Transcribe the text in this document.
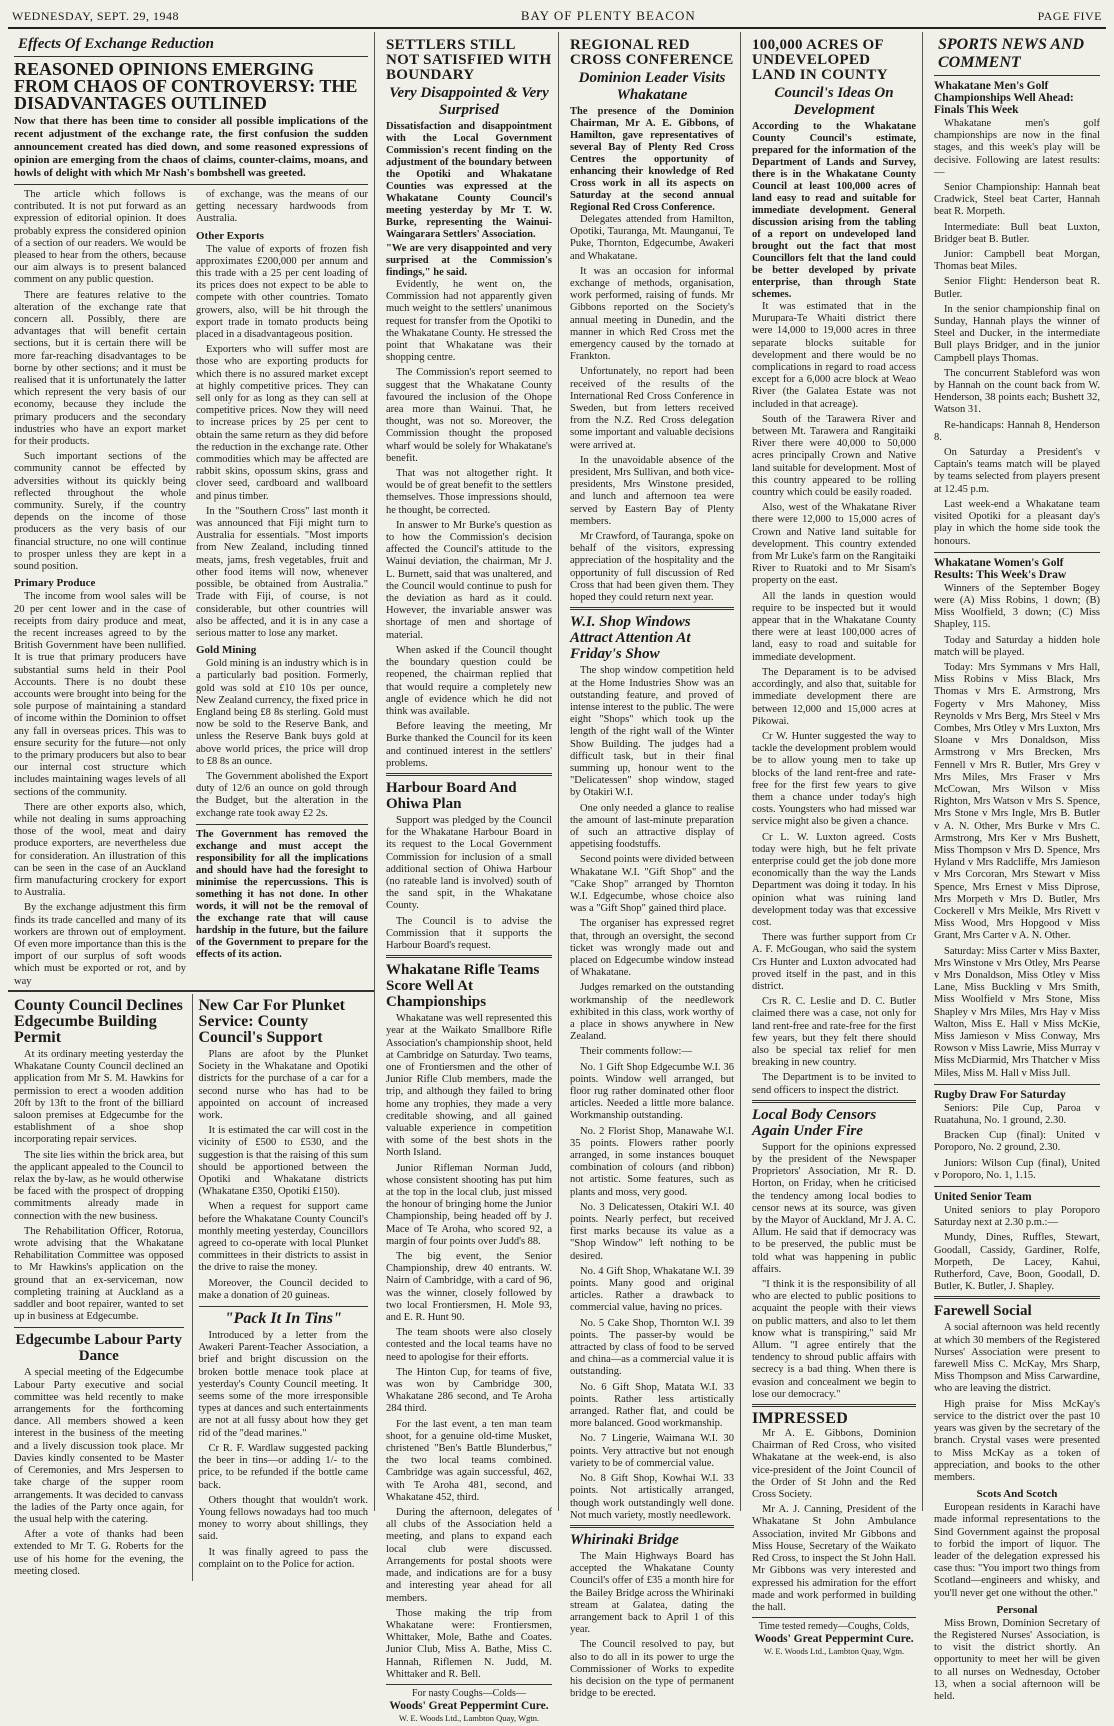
WEDNESDAY, SEPT. 29, 1948	BAY OF PLENTY BEACON	PAGE FIVE
Effects Of Exchange Reduction
REASONED OPINIONS EMERGING FROM CHAOS OF CONTROVERSY: THE DISADVANTAGES OUTLINED
Now that there has been time to consider all possible implications of the recent adjustment of the exchange rate, the first confusion the sudden announcement created has died down, and some reasoned expressions of opinion are emerging from the chaos of claims, counter-claims, moans, and howls of delight with which Mr Nash's bombshell was greeted.

The article which follows is contributed. It is not put forward as an expression of editorial opinion. It does probably express the considered opinion of a section of our readers. We would be pleased to hear from the others, because our aim always is to present balanced comment on any public question.

There are features relative to the alteration of the exchange rate that concern all. Possibly, there are advantages that will benefit certain sections, but it is certain there will be more far-reaching disadvantages to be borne by other sections; and it must be realised that it is unfortunately the latter which represent the very basis of our economy, because they include the primary producers and the secondary industries who have an export market for their products.

Such important sections of the community cannot be effected by adversities without its quickly being reflected throughout the whole community. Surely, if the country depends on the income of those producers as the very basis of our financial structure, no one will continue to prosper unless they are kept in a sound position.

Primary Produce

The income from wool sales will be 20 per cent lower and in the case of receipts from dairy produce and meat, the recent increases agreed to by the British Government have been nullified. It is true that primary producers have substantial sums held in their Pool Accounts. There is no doubt these accounts were brought into being for the sole purpose of maintaining a standard of income within the Dominion to offset any fall in overseas prices. This was to ensure security for the future—not only to the primary producers but also to bear our internal cost structure which includes maintaining wages levels of all sections of the community.

There are other exports also, which, while not dealing in sums approaching those of the wool, meat and dairy produce exporters, are nevertheless due for consideration. An illustration of this can be seen in the case of an Auckland firm manufacturing crockery for export to Australia.

By the exchange adjustment this firm finds its trade cancelled and many of its workers are thrown out of employment. Of even more importance than this is the import of our surplus of soft woods which must be exported or rot, and by way

of exchange, was the means of our getting necessary hardwoods from Australia.

Other Exports

The value of exports of frozen fish approximates £200,000 per annum and this trade with a 25 per cent loading of its prices does not expect to be able to compete with other countries. Tomato growers, also, will be hit through the export trade in tomato products being placed in a disadvantageous position.

Exporters who will suffer most are those who are exporting products for which there is no assured market except at highly competitive prices. They can sell only for as long as they can sell at competitive prices. Now they will need to increase prices by 25 per cent to obtain the same return as they did before the reduction in the exchange rate. Other commodities which may be affected are rabbit skins, opossum skins, grass and clover seed, cardboard and wallboard and pinus timber.

In the "Southern Cross" last month it was announced that Fiji might turn to Australia for essentials. "Most imports from New Zealand, including tinned meats, jams, fresh vegetables, fruit and other food items will now, whenever possible, be obtained from Australia." Trade with Fiji, of course, is not considerable, but other countries will also be affected, and it is in any case a serious matter to lose any market.

Gold Mining

Gold mining is an industry which is in a particularly bad position. Formerly, gold was sold at £10 10s per ounce, New Zealand currency, the fixed price in England being £8 8s sterling. Gold must now be sold to the Reserve Bank, and unless the Reserve Bank buys gold at above world prices, the price will drop to £8 8s an ounce.

The Government abolished the Export duty of 12/6 an ounce on gold through the Budget, but the alteration in the exchange rate took away £2 2s.

The Government has removed the exchange and must accept the responsibility for all the implications and should have had the foresight to minimise the repercussions. This is something it has not done. In other words, it will not be the removal of the exchange rate that will cause hardship in the future, but the failure of the Government to prepare for the effects of its action.
County Council Declines Edgecumbe Building Permit

At its ordinary meeting yesterday the Whakatane County Council declined an application from Mr S. M. Hawkins for permission to erect a wooden addition 20ft by 13ft to the front of the billiard saloon premises at Edgecumbe for the establishment of a shoe shop incorporating repair services.

The site lies within the brick area, but the applicant appealed to the Council to relax the by-law, as he would otherwise be faced with the prospect of dropping commitments already made in connection with the new business.

The Rehabilitation Officer, Rotorua, wrote advising that the Whakatane Rehabilitation Committee was opposed to Mr Hawkins's application on the ground that an ex-serviceman, now completing training at Auckland as a saddler and boot repairer, wanted to set up in business at Edgecumbe.

Edgecumbe Labour Party Dance

A special meeting of the Edgecumbe Labour Party executive and social committee was held recently to make arrangements for the forthcoming dance. All members showed a keen interest in the business of the meeting and a lively discussion took place. Mr Davies kindly consented to be Master of Ceremonies, and Mrs Jespersen to take charge of the supper room arrangements. It was decided to canvass the ladies of the Party once again, for the usual help with the catering.

After a vote of thanks had been extended to Mr T. G. Roberts for the use of his home for the evening, the meeting closed.

New Car For Plunket Service: County Council's Support

Plans are afoot by the Plunket Society in the Whakatane and Opotiki districts for the purchase of a car for a second nurse who has had to be appointed on account of increased work.

It is estimated the car will cost in the vicinity of £500 to £530, and the suggestion is that the raising of this sum should be apportioned between the Opotiki and Whakatane districts (Whakatane £350, Opotiki £150).

When a request for support came before the Whakatane County Council's monthly meeting yesterday, Councillors agreed to co-operate with local Plunket committees in their districts to assist in the drive to raise the money.

Moreover, the Council decided to make a donation of 20 guineas.

"Pack It In Tins"

Introduced by a letter from the Awakeri Parent-Teacher Association, a brief and bright discussion on the broken bottle menace took place at yesterday's County Council meeting. It seems some of the more irresponsible types at dances and such entertainments are not at all fussy about how they get rid of the "dead marines."

Cr R. F. Wardlaw suggested packing the beer in tins—or adding 1/- to the price, to be refunded if the bottle came back.

Others thought that wouldn't work. Young fellows nowadays had too much money to worry about shillings, they said.

It was finally agreed to pass the complaint on to the Police for action.

SETTLERS STILL NOT SATISFIED WITH BOUNDARY
Very Disappointed & Very Surprised
Dissatisfaction and disappointment with the Local Government Commission's recent finding on the adjustment of the boundary between the Opotiki and Whakatane Counties was expressed at the Whakatane County Council's meeting yesterday by Mr T. W. Burke, representing the Wainui-Waingarara Settlers' Association.
"We are very disappointed and very surprised at the Commission's findings," he said.

Evidently, he went on, the Commission had not apparently given much weight to the settlers' unanimous request for transfer from the Opotiki to the Whakatane County. He stressed the point that Whakatane was their shopping centre.

The Commission's report seemed to suggest that the Whakatane County favoured the inclusion of the Ohope area more than Wainui. That, he thought, was not so. Moreover, the Commission thought the proposed wharf would be solely for Whakatane's benefit.

That was not altogether right. It would be of great benefit to the settlers themselves. Those impressions should, he thought, be corrected.

In answer to Mr Burke's question as to how the Commission's decision affected the Council's attitude to the Wainui deviation, the chairman, Mr J. L. Burnett, said that was unaltered, and the Council would continue to push for the deviation as hard as it could. However, the invariable answer was shortage of men and shortage of material.

When asked if the Council thought the boundary question could be reopened, the chairman replied that that would require a completely new angle of evidence which he did not think was available.

Before leaving the meeting, Mr Burke thanked the Council for its keen and continued interest in the settlers' problems.

Harbour Board And Ohiwa Plan

Support was pledged by the Council for the Whakatane Harbour Board in its request to the Local Government Commission for inclusion of a small additional section of Ohiwa Harbour (no rateable land is involved) south of the sand spit, in the Whakatane County.

The Council is to advise the Commission that it supports the Harbour Board's request.

Whakatane Rifle Teams Score Well At Championships

Whakatane was well represented this year at the Waikato Smallbore Rifle Association's championship shoot, held at Cambridge on Saturday. Two teams, one of Frontiersmen and the other of Junior Rifle Club members, made the trip, and although they failed to bring home any trophies, they made a very creditable showing, and all gained valuable experience in competition with some of the best shots in the North Island.

Junior Rifleman Norman Judd, whose consistent shooting has put him at the top in the local club, just missed the honour of bringing home the Junior Championship, being headed off by J. Mace of Te Aroha, who scored 92, a margin of four points over Judd's 88.

The big event, the Senior Championship, drew 40 entrants. W. Nairn of Cambridge, with a card of 96, was the winner, closely followed by two local Frontiersmen, H. Mole 93, and E. R. Hunt 90.

The team shoots were also closely contested and the local teams have no need to apologise for their efforts.

The Hinton Cup, for teams of five, was won by Cambridge 300, Whakatane 286 second, and Te Aroha 284 third.

For the last event, a ten man team shoot, for a genuine old-time Musket, christened "Ben's Battle Blunderbus," the two local teams combined. Cambridge was again successful, 462, with Te Aroha 481, second, and Whakatane 452, third.

During the afternoon, delegates of all clubs of the Association held a meeting, and plans to expand each local club were discussed. Arrangements for postal shoots were made, and indications are for a busy and interesting year ahead for all members.

Those making the trip from Whakatane were: Frontiersmen, Whittaker, Mole, Bathe and Coates. Junior Club, Miss A. Bathe, Miss C. Hannah, Riflemen N. Judd, M. Whittaker and R. Bell.

For nasty Coughs—Colds—
Woods' Great Peppermint Cure.
W. E. Woods Ltd., Lambton Quay, Wgtn.
REGIONAL RED CROSS CONFERENCE
Dominion Leader Visits Whakatane
The presence of the Dominion Chairman, Mr A. E. Gibbons, of Hamilton, gave representatives of several Bay of Plenty Red Cross Centres the opportunity of enhancing their knowledge of Red Cross work in all its aspects on Saturday at the second annual Regional Red Cross Conference.

Delegates attended from Hamilton, Opotiki, Tauranga, Mt. Maunganui, Te Puke, Thornton, Edgecumbe, Awakeri and Whakatane.

It was an occasion for informal exchange of methods, organisation, work performed, raising of funds. Mr Gibbons reported on the Society's annual meeting in Dunedin, and the manner in which Red Cross met the emergency caused by the tornado at Frankton.

Unfortunately, no report had been received of the results of the International Red Cross Conference in Sweden, but from letters received from the N.Z. Red Cross delegation some important and valuable decisions were arrived at.

In the unavoidable absence of the president, Mrs Sullivan, and both vice-presidents, Mrs Winstone presided, and lunch and afternoon tea were served by Eastern Bay of Plenty members.

Mr Crawford, of Tauranga, spoke on behalf of the visitors, expressing appreciation of the hospitality and the opportunity of full discussion of Red Cross that had been given them. They hoped they could return next year.

W.I. Shop Windows Attract Attention At Friday's Show

The shop window competition held at the Home Industries Show was an outstanding feature, and proved of intense interest to the public. The were eight "Shops" which took up the length of the right wall of the Winter Show Building. The judges had a difficult task, but in their final summing up, honour went to the "Delicatessen" shop window, staged by Otakiri W.I.

One only needed a glance to realise the amount of last-minute preparation of such an attractive display of appetising foodstuffs.

Second points were divided between Whakatane W.I. "Gift Shop" and the "Cake Shop" arranged by Thornton W.I. Edgecumbe, whose choice also was a "Gift Shop" gained third place.

The organiser has expressed regret that, through an oversight, the second ticket was wrongly made out and placed on Edgecumbe window instead of Whakatane.

Judges remarked on the outstanding workmanship of the needlework exhibited in this class, work worthy of a place in shows anywhere in New Zealand.

Their comments follow:—

No. 1 Gift Shop Edgecumbe W.I. 36 points. Window well arranged, but floor rug rather dominated other floor articles. Needed a little more balance. Workmanship outstanding.

No. 2 Florist Shop, Manawahe W.I. 35 points. Flowers rather poorly arranged, in some instances bouquet combination of colours (and ribbon) not artistic. Some features, such as plants and moss, very good.

No. 3 Delicatessen, Otakiri W.I. 40 points. Nearly perfect, but received first marks because its value as a "Shop Window" left nothing to be desired.

No. 4 Gift Shop, Whakatane W.I. 39 points. Many good and original articles. Rather a drawback to commercial value, having no prices.

No. 5 Cake Shop, Thornton W.I. 39 points. The passer-by would be attracted by class of food to be served and china—as a commercial value it is outstanding.

No. 6 Gift Shop, Matata W.I. 33 points. Rather less artistically arranged. Rather flat, and could be more balanced. Good workmanship.

No. 7 Lingerie, Waimana W.I. 30 points. Very attractive but not enough variety to be of commercial value.

No. 8 Gift Shop, Kowhai W.I. 33 points. Not artistically arranged, though work outstandingly well done. Not much variety, mostly needlework.

Whirinaki Bridge

The Main Highways Board has accepted the Whakatane County Council's offer of £35 a month hire for the Bailey Bridge across the Whirinaki stream at Galatea, dating the arrangement back to April 1 of this year.

The Council resolved to pay, but also to do all in its power to urge the Commissioner of Works to expedite his decision on the type of permanent bridge to be erected.

100,000 ACRES OF UNDEVELOPED LAND IN COUNTY
Council's Ideas On Development
According to the Whakatane County Council's estimate, prepared for the information of the Department of Lands and Survey, there is in the Whakatane County Council at least 100,000 acres of land easy to read and suitable for immediate development. General discussion arising from the tabling of a report on undeveloped land brought out the fact that most Councillors felt that the land could be better developed by private enterprise, than through State schemes.

It was estimated that in the Murupara-Te Whaiti district there were 14,000 to 19,000 acres in three separate blocks suitable for development and there would be no complications in regard to road access except for a 6,000 acre block at Weao River (the Galatea Estate was not included in that acreage).

South of the Tarawera River and between Mt. Tarawera and Rangitaiki River there were 40,000 to 50,000 acres principally Crown and Native land suitable for development. Most of this country appeared to be rolling country which could be easily roaded.

Also, west of the Whakatane River there were 12,000 to 15,000 acres of Crown and Native land suitable for development. This country extended from Mr Luke's farm on the Rangitaiki River to Ruatoki and to Mr Sisam's property on the east.

All the lands in question would require to be inspected but it would appear that in the Whakatane County there were at least 100,000 acres of land, easy to road and suitable for immediate development.

The Deparament is to be advised accordingly, and also that, suitable for immediate development there are between 12,000 and 15,000 acres at Pikowai.

Cr W. Hunter suggested the way to tackle the development problem would be to allow young men to take up blocks of the land rent-free and rate-free for the first few years to give them a chance under today's high costs. Youngsters who had missed war service might also be given a chance.

Cr L. W. Luxton agreed. Costs today were high, but he felt private enterprise could get the job done more economically than the way the Lands Department was doing it today. In his opinion what was ruining land development today was that excessive cost.

There was further support from Cr A. F. McGougan, who said the system Crs Hunter and Luxton advocated had proved itself in the past, and in this district.

Crs R. C. Leslie and D. C. Butler claimed there was a case, not only for land rent-free and rate-free for the first few years, but they felt there should also be special tax relief for men breaking in new country.

The Department is to be invited to send officers to inspect the district.

Local Body Censors Again Under Fire

Support for the opinions expressed by the president of the Newspaper Proprietors' Association, Mr R. D. Horton, on Friday, when he criticised the tendency among local bodies to censor news at its source, was given by the Mayor of Auckland, Mr J. A. C. Allum. He said that if democracy was to be preserved, the public must be told what was happening in public affairs.

"I think it is the responsibility of all who are elected to public positions to acquaint the people with their views on public matters, and also to let them know what is transpiring," said Mr Allum. "I agree entirely that the tendency to shroud public affairs with secrecy is a bad thing. When there is evasion and concealment we begin to lose our democracy."

IMPRESSED

Mr A. E. Gibbons, Dominion Chairman of Red Cross, who visited Whakatane at the week-end, is also vice-president of the Joint Council of the Order of St John and the Red Cross Society.

Mr A. J. Canning, President of the Whakatane St John Ambulance Association, invited Mr Gibbons and Miss House, Secretary of the Waikato Red Cross, to inspect the St John Hall. Mr Gibbons was very interested and expressed his admiration for the effort made and work performed in building the hall.

Time tested remedy—Coughs, Colds,
Woods' Great Peppermint Cure.
W. E. Woods Ltd., Lambton Quay, Wgtn.
SPORTS NEWS AND COMMENT
Whakatane Men's Golf Championships Well Ahead: Finals This Week

Whakatane men's golf championships are now in the final stages, and this week's play will be decisive. Following are latest results:—

Senior Championship: Hannah beat Cradwick, Steel beat Carter, Hannah beat R. Morpeth.

Intermediate: Bull beat Luxton, Bridger beat B. Butler.

Junior: Campbell beat Morgan, Thomas beat Miles.

Senior Flight: Henderson beat R. Butler.

In the senior championship final on Sunday, Hannah plays the winner of Steel and Ducker, in the intermediate Bull plays Bridger, and in the junior Campbell plays Thomas.

The concurrent Stableford was won by Hannah on the count back from W. Henderson, 38 points each; Bushett 32, Watson 31.

Re-handicaps: Hannah 8, Henderson 8.

On Saturday a President's v Captain's teams match will be played by teams selected from players present at 12.45 p.m.

Last week-end a Whakatane team visited Opotiki for a pleasant day's play in which the home side took the honours.

Whakatane Women's Golf Results: This Week's Draw

Winners of the September Bogey were (A) Miss Robins, 1 down; (B) Miss Woolfield, 3 down; (C) Miss Shapley, 115.

Today and Saturday a hidden hole match will be played.

Today: Mrs Symmans v Mrs Hall, Miss Robins v Miss Black, Mrs Thomas v Mrs E. Armstrong, Mrs Fogerty v Mrs Mahoney, Miss Reynolds v Mrs Berg, Mrs Steel v Mrs Combes, Mrs Otley v Mrs Luxton, Mrs Sloane v Mrs Donaldson, Miss Armstrong v Mrs Brecken, Mrs Fennell v Mrs R. Butler, Mrs Grey v Mrs Miles, Mrs Fraser v Mrs McCowan, Mrs Wilson v Miss Righton, Mrs Watson v Mrs S. Spence, Mrs Stone v Mrs Ingle, Mrs B. Butler v A. N. Other, Mrs Burke v Mrs C. Armstrong, Mrs Ker v Mrs Bushett, Miss Thompson v Mrs D. Spence, Mrs Hyland v Mrs Radcliffe, Mrs Jamieson v Mrs Corcoran, Mrs Stewart v Miss Spence, Mrs Ernest v Miss Diprose, Mrs Morpeth v Mrs D. Butler, Mrs Cockerell v Mrs Meikle, Mrs Rivett v Miss Wood, Mrs Hopgood v Miss Grant, Mrs Carter v A. N. Other.

Saturday: Miss Carter v Miss Baxter, Mrs Winstone v Mrs Otley, Mrs Pearse v Mrs Donaldson, Miss Otley v Miss Lane, Miss Buckling v Mrs Smith, Miss Woolfield v Mrs Stone, Miss Shapley v Mrs Miles, Mrs Hay v Miss Walton, Miss E. Hall v Miss McKie, Miss Jamieson v Miss Conway, Mrs Rowson v Miss Lawrie, Miss Murray v Miss McDiarmid, Mrs Thatcher v Miss Miles, Miss M. Hall v Miss Jull.

Rugby Draw For Saturday

Seniors: Pile Cup, Paroa v Ruatahuna, No. 1 ground, 2.30.

Bracken Cup (final): United v Poroporo, No. 2 ground, 2.30.

Juniors: Wilson Cup (final), United v Poroporo, No. 1, 1.15.

United Senior Team

United seniors to play Poroporo Saturday next at 2.30 p.m.:—

Mundy, Dines, Ruffles, Stewart, Goodall, Cassidy, Gardiner, Rolfe, Morpeth, De Lacey, Kahui, Rutherford, Cave, Boon, Goodall, D. Butler, K. Butler, J. Shapley.

Farewell Social

A social afternoon was held recently at which 30 members of the Registered Nurses' Association were present to farewell Miss C. McKay, Mrs Sharp, Miss Thompson and Miss Carwardine, who are leaving the district.

High praise for Miss McKay's service to the district over the past 10 years was given by the secretary of the branch. Crystal vases were presented to Miss McKay as a token of appreciation, and books to the other members.

Scots And Scotch

European residents in Karachi have made informal representations to the Sind Government against the proposal to forbid the import of liquor. The leader of the delegation expressed his case thus: "You import two things from Scotland—engineers and whisky, and you'll never get one without the other."

Personal

Miss Brown, Dominion Secretary of the Registered Nurses' Association, is to visit the district shortly. An opportunity to meet her will be given to all nurses on Wednesday, October 13, when a social afternoon will be held.
